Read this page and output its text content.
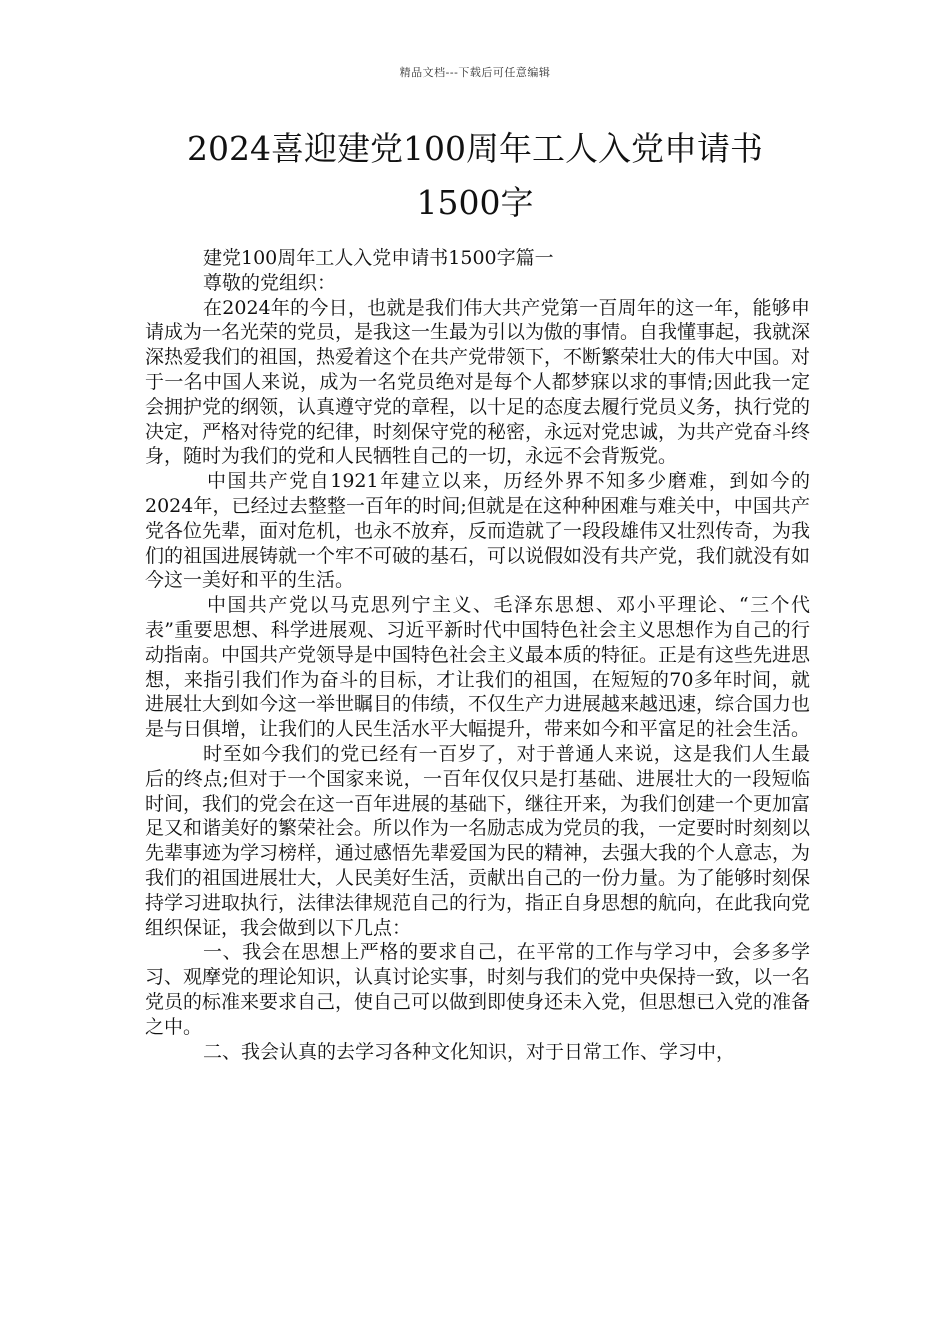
精品文档---下载后可任意编辑
2024喜迎建党100周年工人入党申请书
1500字

建党100周年工人入党申请书1500字篇一

尊敬的党组织：

在2024年的今日，也就是我们伟大共产党第一百周年的这一年，能够申请成为一名光荣的党员，是我这一生最为引以为傲的事情。自我懂事起，我就深深热爱我们的祖国，热爱着这个在共产党带领下，不断繁荣壮大的伟大中国。对于一名中国人来说，成为一名党员绝对是每个人都梦寐以求的事情;因此我一定会拥护党的纲领，认真遵守党的章程，以十足的态度去履行党员义务，执行党的决定，严格对待党的纪律，时刻保守党的秘密，永远对党忠诚，为共产党奋斗终身，随时为我们的党和人民牺牲自己的一切，永远不会背叛党。

中国共产党自1921年建立以来，历经外界不知多少磨难，到如今的2024年，已经过去整整一百年的时间;但就是在这种种困难与难关中，中国共产党各位先辈，面对危机，也永不放弃，反而造就了一段段雄伟又壮烈传奇，为我们的祖国进展铸就一个牢不可破的基石，可以说假如没有共产党，我们就没有如今这一美好和平的生活。

中国共产党以马克思列宁主义、毛泽东思想、邓小平理论、“三个代表”重要思想、科学进展观、习近平新时代中国特色社会主义思想作为自己的行动指南。中国共产党领导是中国特色社会主义最本质的特征。正是有这些先进思想，来指引我们作为奋斗的目标，才让我们的祖国，在短短的70多年时间，就进展壮大到如今这一举世瞩目的伟绩，不仅生产力进展越来越迅速，综合国力也是与日俱增，让我们的人民生活水平大幅提升，带来如今和平富足的社会生活。

时至如今我们的党已经有一百岁了，对于普通人来说，这是我们人生最后的终点;但对于一个国家来说，一百年仅仅只是打基础、进展壮大的一段短临时间，我们的党会在这一百年进展的基础下，继往开来，为我们创建一个更加富足又和谐美好的繁荣社会。所以作为一名励志成为党员的我，一定要时时刻刻以先辈事迹为学习榜样，通过感悟先辈爱国为民的精神，去强大我的个人意志，为我们的祖国进展壮大，人民美好生活，贡献出自己的一份力量。为了能够时刻保持学习进取执行，法律法律规范自己的行为，指正自身思想的航向，在此我向党组织保证，我会做到以下几点：

一、我会在思想上严格的要求自己，在平常的工作与学习中，会多多学习、观摩党的理论知识，认真讨论实事，时刻与我们的党中央保持一致，以一名党员的标准来要求自己，使自己可以做到即使身还未入党，但思想已入党的准备之中。

二、我会认真的去学习各种文化知识，对于日常工作、学习中，
